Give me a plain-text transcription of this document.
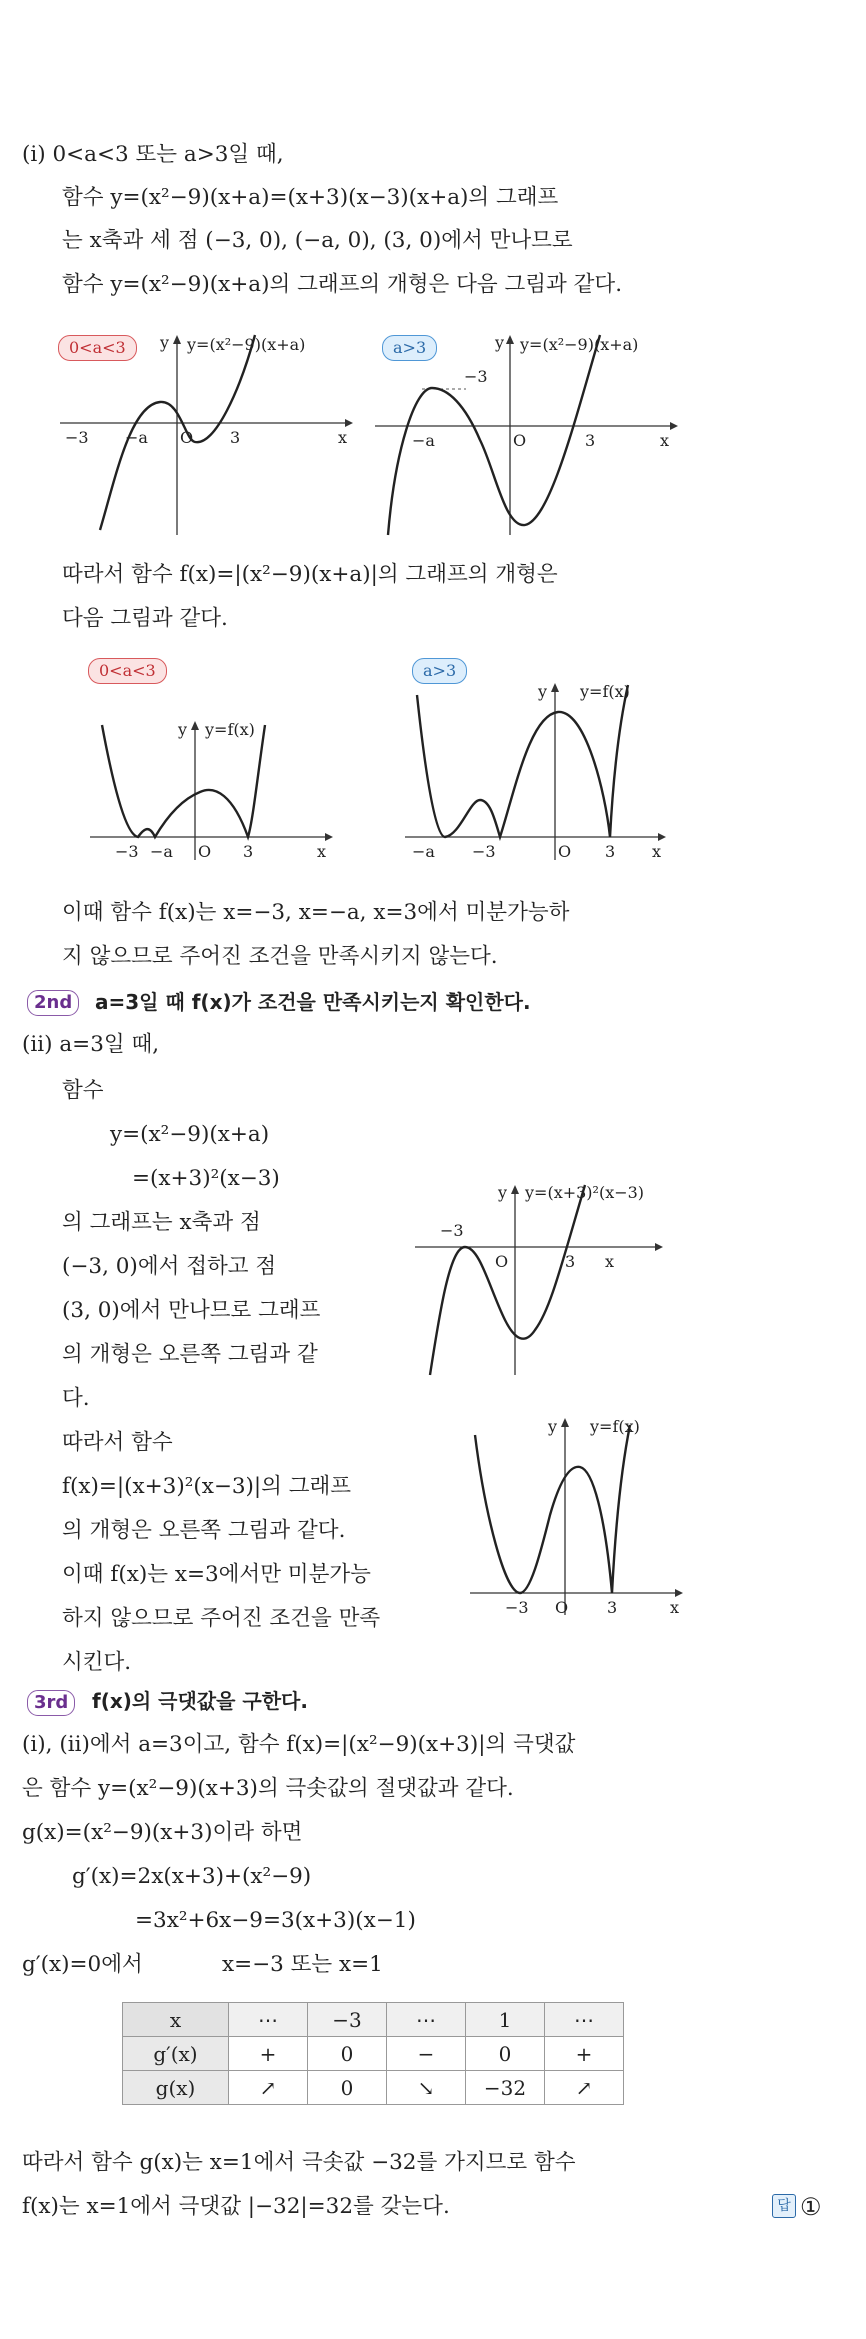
(ⅰ) 0<a<3 또는 a>3일 때,
함수 y=(x²−9)(x+a)=(x+3)(x−3)(x+a)의 그래프
는 x축과 세 점 (−3, 0), (−a, 0), (3, 0)에서 만나므로
함수 y=(x²−9)(x+a)의 그래프의 개형은 다음 그림과 같다.
0<a<3	y y=(x²−9)(x+a)
−3 −a O 3	x
a>3	y y=(x²−9)(x+a)
−3
−a	O	3	x
따라서 함수 f(x)=|(x²−9)(x+a)|의 그래프의 개형은
다음 그림과 같다.
0<a<3
y y=f(x)
−3 −a O 3	x
a>3
y y=f(x)
−a −3	O 3 x
이때 함수 f(x)는 x=−3, x=−a, x=3에서 미분가능하
지 않으므로 주어진 조건을 만족시키지 않는다.
2nd	a=3일 때 f(x)가 조건을 만족시키는지 확인한다.
(ⅱ) a=3일 때,
함수
y=(x²−9)(x+a)
=(x+3)²(x−3)
의 그래프는 x축과 점
(−3, 0)에서 접하고 점
(3, 0)에서 만나므로 그래프
의 개형은 오른쪽 그림과 같
다.
따라서 함수
f(x)=|(x+3)²(x−3)|의 그래프
의 개형은 오른쪽 그림과 같다.
이때 f(x)는 x=3에서만 미분가능
하지 않으므로 주어진 조건을 만족
시킨다.
y y=(x+3)²(x−3)
−3
O	3 x
y y=f(x)
−3 O 3	x
3rd	f(x)의 극댓값을 구한다.
(ⅰ), (ⅱ)에서 a=3이고, 함수 f(x)=|(x²−9)(x+3)|의 극댓값
은 함수 y=(x²−9)(x+3)의 극솟값의 절댓값과 같다.
g(x)=(x²−9)(x+3)이라 하면
g′(x)=2x(x+3)+(x²−9)
=3x²+6x−9=3(x+3)(x−1)
g′(x)=0에서	x=−3 또는 x=1
x	⋯	−3	⋯	1	⋯
g′(x)	+	0	−	0	+
g(x)	↗	0	↘	−32	↗
따라서 함수 g(x)는 x=1에서 극솟값 −32를 가지므로 함수
f(x)는 x=1에서 극댓값 |−32|=32를 갖는다.	답 ①
